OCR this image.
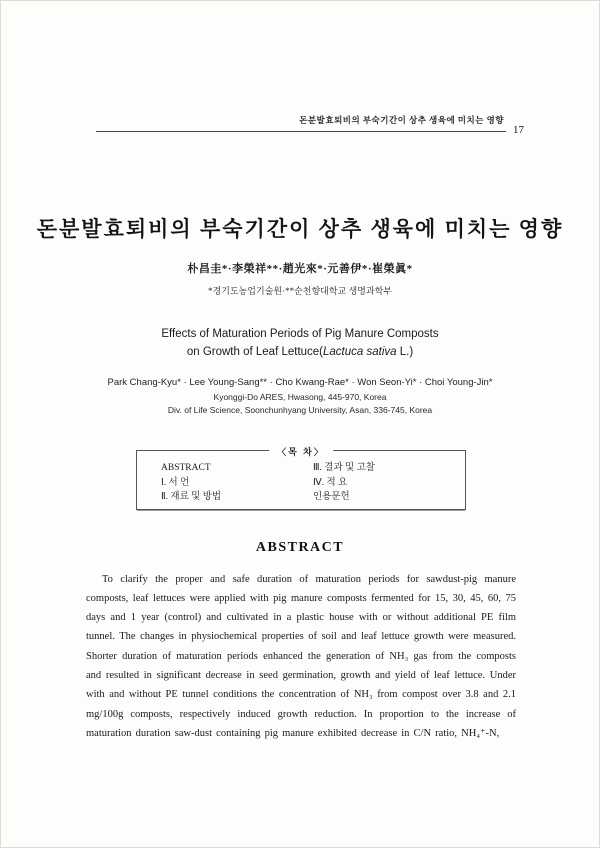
돈분발효퇴비의 부숙기간이 상추 생육에 미치는 영향
17
돈분발효퇴비의 부숙기간이 상추 생육에 미치는 영향
朴昌圭*·李榮祥**·趙光來*·元善伊*·崔榮眞*
*경기도농업기술원·**순천향대학교 생명과학부
Effects of Maturation Periods of Pig Manure Composts
on Growth of Leaf Lettuce(Lactuca sativa L.)
Park Chang-Kyu* · Lee Young-Sang** · Cho Kwang-Rae* · Won Seon-Yi* · Choi Young-Jin*
Kyonggi-Do ARES, Hwasong, 445-970, Korea
Div. of Life Science, Soonchunhyang University, Asan, 336-745, Korea
〈목 차〉
ABSTRACT
Ⅰ. 서 언
Ⅱ. 재료 및 방법
Ⅲ. 결과 및 고찰
Ⅳ. 적 요
인용문헌
ABSTRACT

To clarify the proper and safe duration of maturation periods for sawdust-pig manure composts, leaf lettuces were applied with pig manure composts fermented for 15, 30, 45, 60, 75 days and 1 year (control) and cultivated in a plastic house with or without additional PE film tunnel. The changes in physiochemical properties of soil and leaf lettuce growth were measured. Shorter duration of maturation periods enhanced the generation of NH₃ gas from the composts and resulted in significant decrease in seed germination, growth and yield of leaf lettuce. Under with and without PE tunnel conditions the concentration of NH₃ from compost over 3.8 and 2.1 mg/100g composts, respectively induced growth reduction. In proportion to the increase of maturation duration saw-dust containing pig manure exhibited decrease in C/N ratio, NH₄⁺-N,
